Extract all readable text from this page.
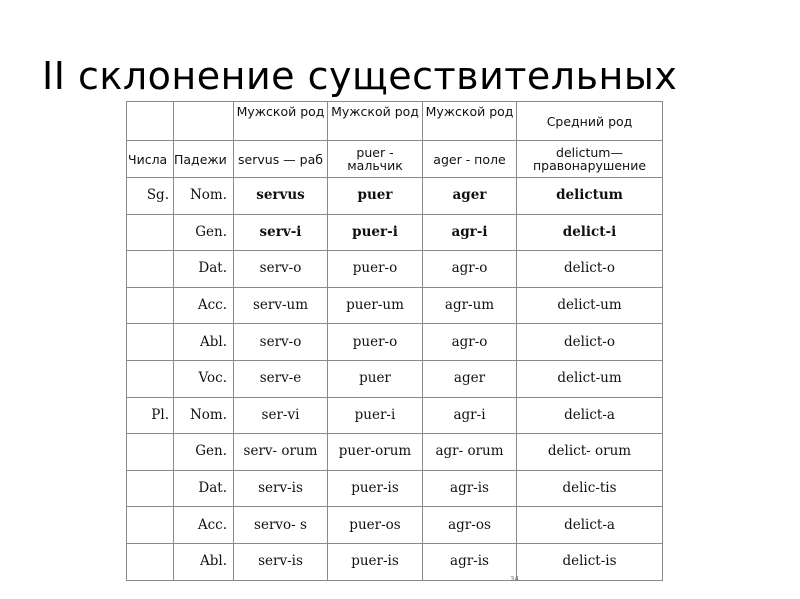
II склонение существительных
		Мужской род	Мужской род	Мужской род	Средний род
Числа	Падежи	servus — раб	puer - мальчик	ager - поле	delictum— правонарушение
Sg.	Nom.	servus	puer	ager	delictum
	Gen.	serv-i	puer-i	agr-i	delict-i
	Dat.	serv-o	puer-o	agr-o	delict-o
	Acc.	serv-um	puer-um	agr-um	delict-um
	Abl.	serv-o	puer-o	agr-o	delict-o
	Voc.	serv-e	puer	ager	delict-um
Pl.	Nom.	ser-vi	puer-i	agr-i	delict-a
	Gen.	serv- orum	puer-orum	agr- orum	delict- orum
	Dat.	serv-is	puer-is	agr-is	delic-tis
	Acc.	servo- s	puer-os	agr-os	delict-a
	Abl.	serv-is	puer-is	agr-is	delict-is
34
